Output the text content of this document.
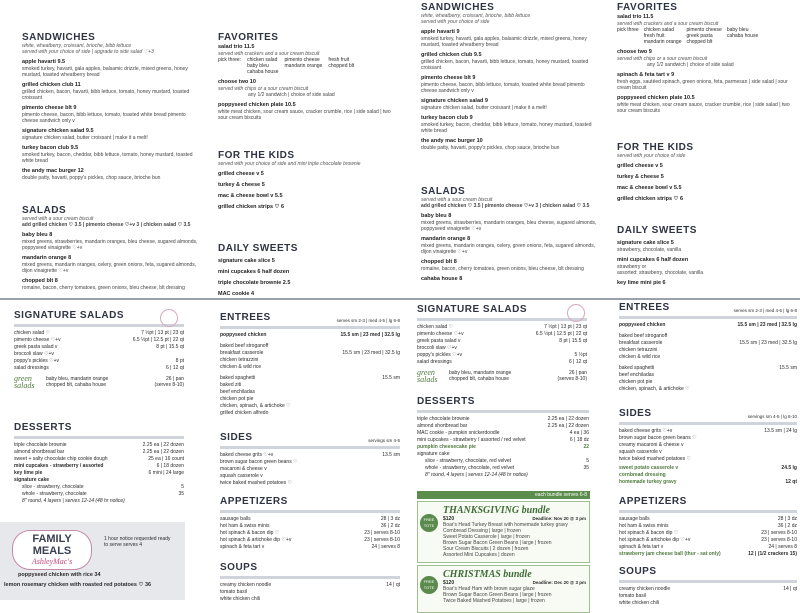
SANDWICHES
white, wheatberry, croissant, brioche, bibb lettuce
served with your choice of side | upgrade to side salad ♡+3
apple havarti 9.5
smoked turkey, havarti, gala apples, balsamic drizzle, mixed greens, honey mustard, toasted wheatberry bread
grilled chicken club 11
grilled chicken, bacon, havarti, bibb lettuce, tomato, honey mustard, toasted croissant
pimento cheese blt 9
pimento cheese, bacon, bibb lettuce, tomato, toasted white bread pimento cheese sandwich only v
signature chicken salad 9.5
signature chicken salad, butter croissant | make it a melt!
turkey bacon club 9.5
smoked turkey, bacon, cheddar, bibb lettuce, tomato, honey mustard, toasted white bread
the andy mac burger 12
double patty, havarti, poppy's pickles, chop sauce, brioche bun
SALADS
served with a sour cream biscuit
add grilled chicken ♡ 3.5 | pimento cheese ♡+v 3 | chicken salad ♡ 3.5
baby bleu 8
mixed greens, strawberries, mandarin oranges, bleu cheese, sugared almonds, poppyseed vinaigrette ♡+v
mandarin orange 8
mixed greens, mandarin oranges, celery, green onions, feta, sugared almonds, dijon vinaigrette ♡+v
chopped blt 8
romaine, bacon, cherry tomatoes, green onions, bleu cheese, blt dressing
FAVORITES
salad trio 11.5
served with crackers and a sour cream biscuit
pick three: chicken salad
baby bleu
cahaba house
pimento cheese
mandarin orange
fresh fruit
chopped blt
choose two 10
served with chips or a sour cream biscuit
any 1/2 sandwich | choice of side salad
poppyseed chicken plate 10.5
white meat chicken, sour cream sauce, cracker crumble, rice | side salad | two sour cream biscuits
FOR THE KIDS
served with your choice of side and mini triple chocolate brownie
grilled cheese v 5
turkey & cheese 5
mac & cheese bowl v 5.5
grilled chicken strips ♡ 6
DAILY SWEETS
signature cake slice 5
mini cupcakes 6 half dozen
triple chocolate brownie 2.5
MAC cookie 4
SIGNATURE SALADS
chicken salad ♡	7 ½pt | 13 pt | 23 qt
pimento cheese ♡+v	6.5 ½pt | 12.5 pt | 22 qt
greek pasta salad v	8 pt | 15.5 qt
broccoli slaw ♡+v
poppy's pickles ♡+v	8 pt
salad dressings	6 | 12 qt
green salads
baby bleu, mandarin orange
chopped blt, cahaba house
26 | pan
(serves 8-10)
DESSERTS
triple chocolate brownie	2.25 ea | 22 dozen
almond shortbread bar	2.25 ea | 22 dozen
sweet + salty chocolate chip cookie dough	25 ea | 16 count
mini cupcakes - strawberry / assorted	6 | 18 dozen
key lime pie	6 mini | 24 large
signature cake
slice - strawberry, chocolate	5
whole - strawberry, chocolate	35
8" round, 4 layers | serves 12-14 (48 hr notice)
FAMILY MEALS
AshleyMac's
1 hour notice requested ready to serve serves 4
poppyseed chicken with rice 34
lemon rosemary chicken with roasted red potatoes ♡ 36
ENTREES	serves sm 2-3 | med 4-5 | lg 6-8
poppyseed chicken	15.5 sm | 23 med | 32.5 lg
baked beef stroganoff
breakfast casserole	15.5 sm | 23 med | 32.5 lg
chicken tetrazzini
chicken & wild rice
baked spaghetti	15.5 sm
baked ziti
beef enchiladas
chicken pot pie
chicken, spinach, & artichoke ♡
grilled chicken alfredo
SIDES	servings sm 4-5
baked cheese grits ♡+v	13.5 sm
brown sugar bacon green beans ♡
macaroni & cheese v
squash casserole v
twice baked mashed potatoes ♡
APPETIZERS
sausage balls	28 | 3 dz
hot ham & swiss minis	36 | 2 dz
hot spinach & bacon dip ♡	23 | serves 8-10
hot spinach & artichoke dip ♡+v	23 | serves 8-10
spinach & feta tart v	24 | serves 8
SOUPS
creamy chicken noodle	14 | qt
tomato basil
white chicken chili
SANDWICHES
white, wheatberry, croissant, brioche, bibb lettuce
served with your choice of side
apple havarti 9
smoked turkey, havarti, gala apples, balsamic drizzle, mixed greens, honey mustard, toasted wheatberry bread
grilled chicken club 9.5
grilled chicken, bacon, havarti, bibb lettuce, tomato, honey mustard, toasted croissant
pimento cheese blt 9
pimento cheese, bacon, bibb lettuce, tomato, toasted white bread pimento cheese sandwich only v
signature chicken salad 9
signature chicken salad, butter croissant | make it a melt!
turkey bacon club 9
smoked turkey, bacon, cheddar, bibb lettuce, tomato, honey mustard, toasted white bread
the andy mac burger 10
double patty, havarti, poppy's pickles, chop sauce, brioche bun
SALADS
served with a sour cream biscuit
add grilled chicken ♡ 3.5 | pimento cheese ♡+v 3 | chicken salad ♡ 3.5
baby bleu 8
mixed greens, strawberries, mandarin oranges, bleu cheese, sugared almonds, poppyseed vinaigrette ♡+v
mandarin orange 8
mixed greens, mandarin oranges, celery, green onions, feta, sugared almonds, dijon vinaigrette ♡+v
chopped blt 8
romaine, bacon, cherry tomatoes, green onions, bleu cheese, blt dressing
cahaba house 8
FAVORITES
salad trio 11.5
served with crackers and a sour cream biscuit
pick three chicken salad
fresh fruit
mandarin orange
pimento cheese
greek pasta
chopped blt
baby bleu
cahaba house
choose two 9
served with chips or a sour cream biscuit
any 1/2 sandwich | choice of side salad
spinach & feta tart v 9
fresh eggs, sautéed spinach, green onions, feta, parmesan | side salad | sour cream biscuit
poppyseed chicken plate 10.5
white meat chicken, sour cream sauce, cracker crumble, rice | side salad | two sour cream biscuits
FOR THE KIDS
served with your choice of side
grilled cheese v 5
turkey & cheese 5
mac & cheese bowl v 5.5
grilled chicken strips ♡ 6
DAILY SWEETS
signature cake slice 5
strawberry, chocolate, vanilla
mini cupcakes 6 half dozen
strawberry or
assorted: strawberry, chocolate, vanilla
key lime mini pie 6
SIGNATURE SALADS
chicken salad ♡	7 ½pt | 13 pt | 23 qt
pimento cheese ♡+v	6.5 ½pt | 12.5 pt | 22 qt
greek pasta salad v	8 pt | 15.5 qt
broccoli slaw ♡+v
poppy's pickles ♡+v	5 ½pt
salad dressings	6 | 12 qt
green salads
baby bleu, mandarin orange
chopped blt, cahaba house
26 | pan
(serves 8-10)
DESSERTS
triple chocolate brownie	2.25 ea | 22 dozen
almond shortbread bar	2.25 ea | 22 dozen
MAC cookie - pumpkin snickerdoodle	4 ea | 36
mini cupcakes - strawberry / assorted / red velvet	6 | 18 dz
pumpkin cheesecake pie	22
signature cake
slice - strawberry, chocolate, red velvet	5
whole - strawberry, chocolate, red velvet	35
8" round, 4 layers | serves 12-14 (48 hr notice)
each bundle serves 6-8
FREE TOTE
THANKSGIVING bundle
$120	Deadline: Nov 20 @ 3 pm
Boar's Head Turkey Breast with homemade turkey gravy
Cornbread Dressing | large | frozen
Sweet Potato Casserole | large | frozen
Brown Sugar Bacon Green Beans | large | frozen
Sour Cream Biscuits | 2 dozen | frozen
Assorted Mini Cupcakes | dozen
FREE TOTE
CHRISTMAS bundle
$120	Deadline: Dec 20 @ 3 pm
Boar's Head Ham with brown sugar glaze
Brown Sugar Bacon Green Beans | large | frozen
Twice Baked Mashed Potatoes | large | frozen
ENTREES	serves sm 2-3 | med 4-6 | lg 6-8
poppyseed chicken	15.5 sm | 23 med | 32.5 lg
baked beef stroganoff
breakfast casserole	15.5 sm | 23 med | 32.5 lg
chicken tetrazzini
chicken & wild rice
baked spaghetti	15.5 sm
beef enchiladas
chicken pot pie
chicken, spinach, & artichoke ♡
SIDES	servings sm 4-5 | lg 8-10
baked cheese grits ♡+v	13.5 sm | 24 lg
brown sugar bacon green beans ♡
creamy macaroni & cheese v
squash casserole v
twice baked mashed potatoes ♡
sweet potato casserole v	24.5 lg
cornbread dressing
homemade turkey gravy	12 qt
APPETIZERS
sausage balls	28 | 3 dz
hot ham & swiss minis	36 | 2 dz
hot spinach & bacon dip ♡	23 | serves 8-10
hot spinach & artichoke dip ♡+v	23 | serves 8-10
spinach & feta tart v	24 | serves 8
strawberry jam cheese ball (thur - sat only)	12 | (1/2 crackers 15)
SOUPS
creamy chicken noodle	14 | qt
tomato basil
white chicken chili
